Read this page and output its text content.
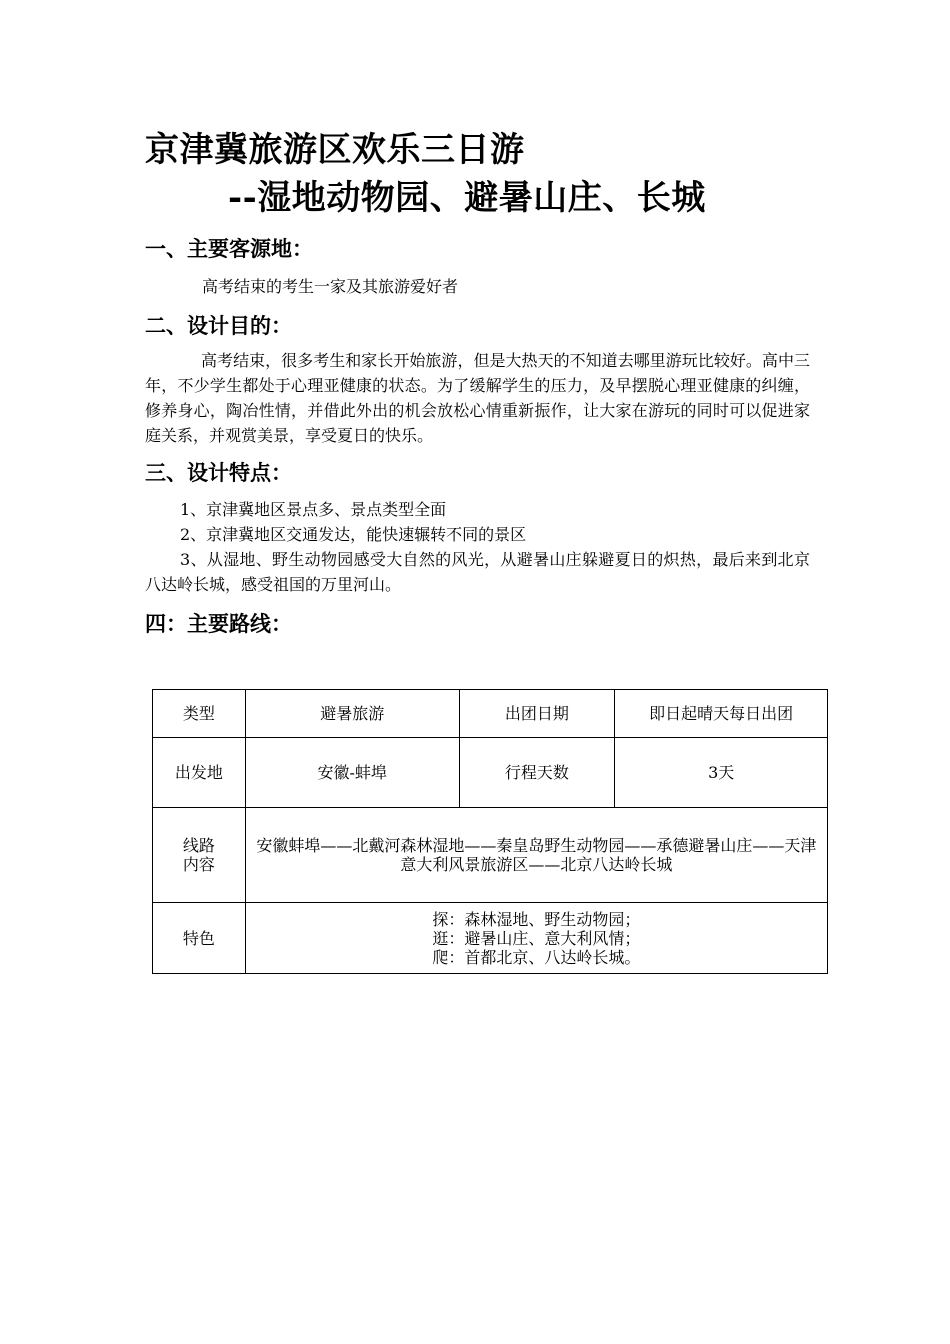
京津冀旅游区欢乐三日游
--湿地动物园、避暑山庄、长城
一、主要客源地：
高考结束的考生一家及其旅游爱好者
二、设计目的：
高考结束，很多考生和家长开始旅游，但是大热天的不知道去哪里游玩比较好。高中三年，不少学生都处于心理亚健康的状态。为了缓解学生的压力，及早摆脱心理亚健康的纠缠，修养身心，陶冶性情，并借此外出的机会放松心情重新振作，让大家在游玩的同时可以促进家庭关系，并观赏美景，享受夏日的快乐。
三、设计特点：
1、京津冀地区景点多、景点类型全面
2、京津冀地区交通发达，能快速辗转不同的景区
3、从湿地、野生动物园感受大自然的风光，从避暑山庄躲避夏日的炽热，最后来到北京八达岭长城，感受祖国的万里河山。
四：主要路线：
类型	避暑旅游	出团日期	即日起晴天每日出团
出发地	安徽-蚌埠	行程天数	3天

线路
内容	安徽蚌埠——北戴河森林湿地——秦皇岛野生动物园——承德避暑山庄——天津意大利风景旅游区——北京八达岭长城		
特色	探：森林湿地、野生动物园；
逛：避暑山庄、意大利风情；
爬：首都北京、八达岭长城。		
